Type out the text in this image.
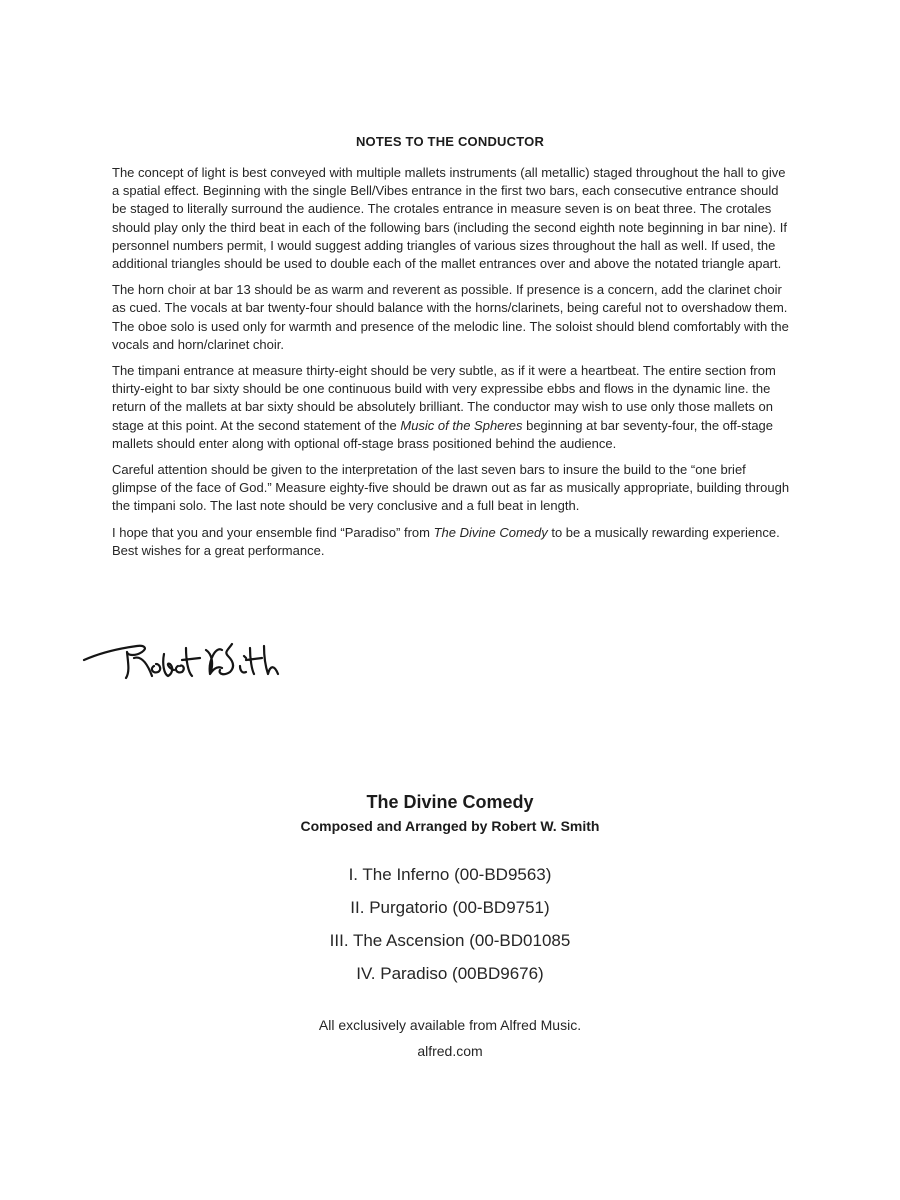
NOTES TO THE CONDUCTOR

The concept of light is best conveyed with multiple mallets instruments (all metallic) staged throughout the hall to give a spatial effect. Beginning with the single Bell/Vibes entrance in the first two bars, each consecutive entrance should be staged to literally surround the audience. The crotales entrance in measure seven is on beat three. The crotales should play only the third beat in each of the following bars (including the second eighth note beginning in bar nine). If personnel numbers permit, I would suggest adding triangles of various sizes throughout the hall as well. If used, the additional triangles should be used to double each of the mallet entrances over and above the notated triangle apart.

The horn choir at bar 13 should be as warm and reverent as possible. If presence is a concern, add the clarinet choir as cued. The vocals at bar twenty-four should balance with the horns/clarinets, being careful not to overshadow them. The oboe solo is used only for warmth and presence of the melodic line. The soloist should blend comfortably with the vocals and horn/clarinet choir.

The timpani entrance at measure thirty-eight should be very subtle, as if it were a heartbeat. The entire section from thirty-eight to bar sixty should be one continuous build with very expressibe ebbs and flows in the dynamic line. the return of the mallets at bar sixty should be absolutely brilliant. The conductor may wish to use only those mallets on stage at this point. At the second statement of the Music of the Spheres beginning at bar seventy-four, the off-stage mallets should enter along with optional off-stage brass positioned behind the audience.

Careful attention should be given to the interpretation of the last seven bars to insure the build to the “one brief glimpse of the face of God.” Measure eighty-five should be drawn out as far as musically appropriate, building through the timpani solo. The last note should be very conclusive and a full beat in length.

I hope that you and your ensemble find “Paradiso” from The Divine Comedy to be a musically rewarding experience. Best wishes for a great performance.

The Divine Comedy
Composed and Arranged by Robert W. Smith
I. The Inferno (00-BD9563)
II. Purgatorio (00-BD9751)
III. The Ascension (00-BD01085
IV. Paradiso (00BD9676)
All exclusively available from Alfred Music.
alfred.com
